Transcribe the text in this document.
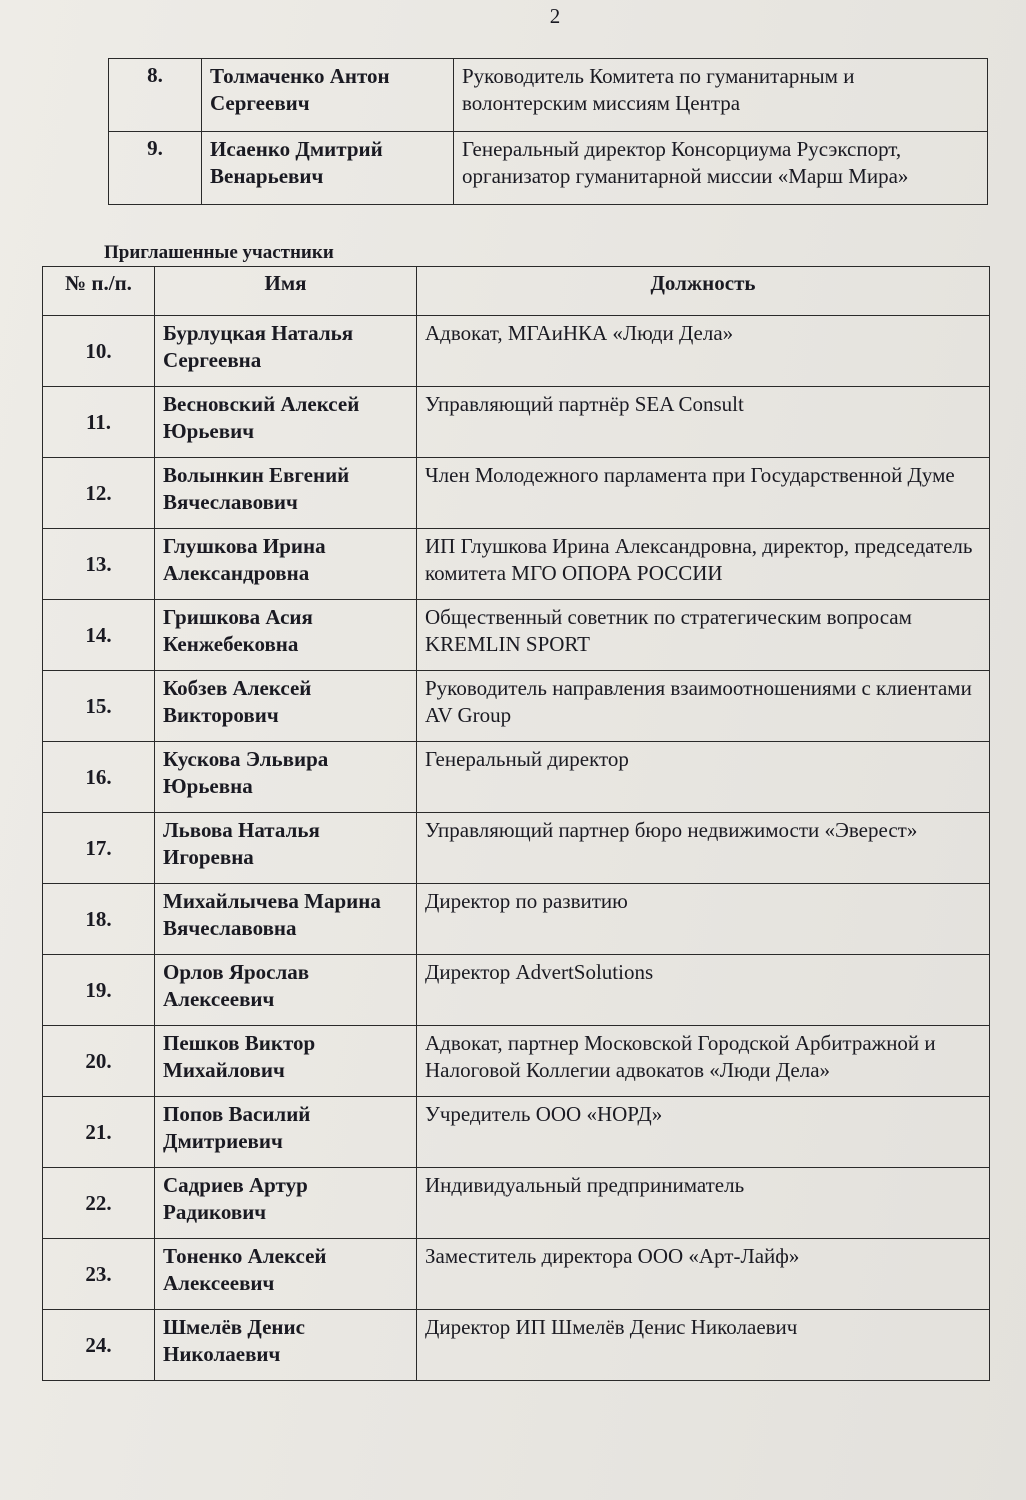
2
8.	Толмаченко Антон Сергеевич	Руководитель Комитета по гуманитарным и волонтерским миссиям Центра
9.	Исаенко Дмитрий Венарьевич	Генеральный директор Консорциума Русэкспорт, организатор гуманитарной миссии «Марш Мира»
Приглашенные участники
№ п./п.	Имя	Должность
10.	Бурлуцкая Наталья Сергеевна	Адвокат, МГАиНКА «Люди Дела»
11.	Весновский Алексей Юрьевич	Управляющий партнёр SEA Consult
12.	Волынкин Евгений Вячеславович	Член Молодежного парламента при Государственной Думе
13.	Глушкова Ирина Александровна	ИП Глушкова Ирина Александровна, директор, председатель комитета МГО ОПОРА РОССИИ
14.	Гришкова Асия Кенжебековна	Общественный советник по стратегическим вопросам KREMLIN SPORT
15.	Кобзев Алексей Викторович	Руководитель направления взаимоотношениями с клиентами AV Group
16.	Кускова Эльвира Юрьевна	Генеральный директор
17.	Львова Наталья Игоревна	Управляющий партнер бюро недвижимости «Эверест»
18.	Михайлычева Марина Вячеславовна	Директор по развитию
19.	Орлов Ярослав Алексеевич	Директор AdvertSolutions
20.	Пешков Виктор Михайлович	Адвокат, партнер Московской Городской Арбитражной и Налоговой Коллегии адвокатов «Люди Дела»
21.	Попов Василий Дмитриевич	Учредитель ООО «НОРД»
22.	Садриев Артур Радикович	Индивидуальный предприниматель
23.	Тоненко Алексей Алексеевич	Заместитель директора ООО «Арт-Лайф»
24.	Шмелёв Денис Николаевич	Директор ИП Шмелёв Денис Николаевич
